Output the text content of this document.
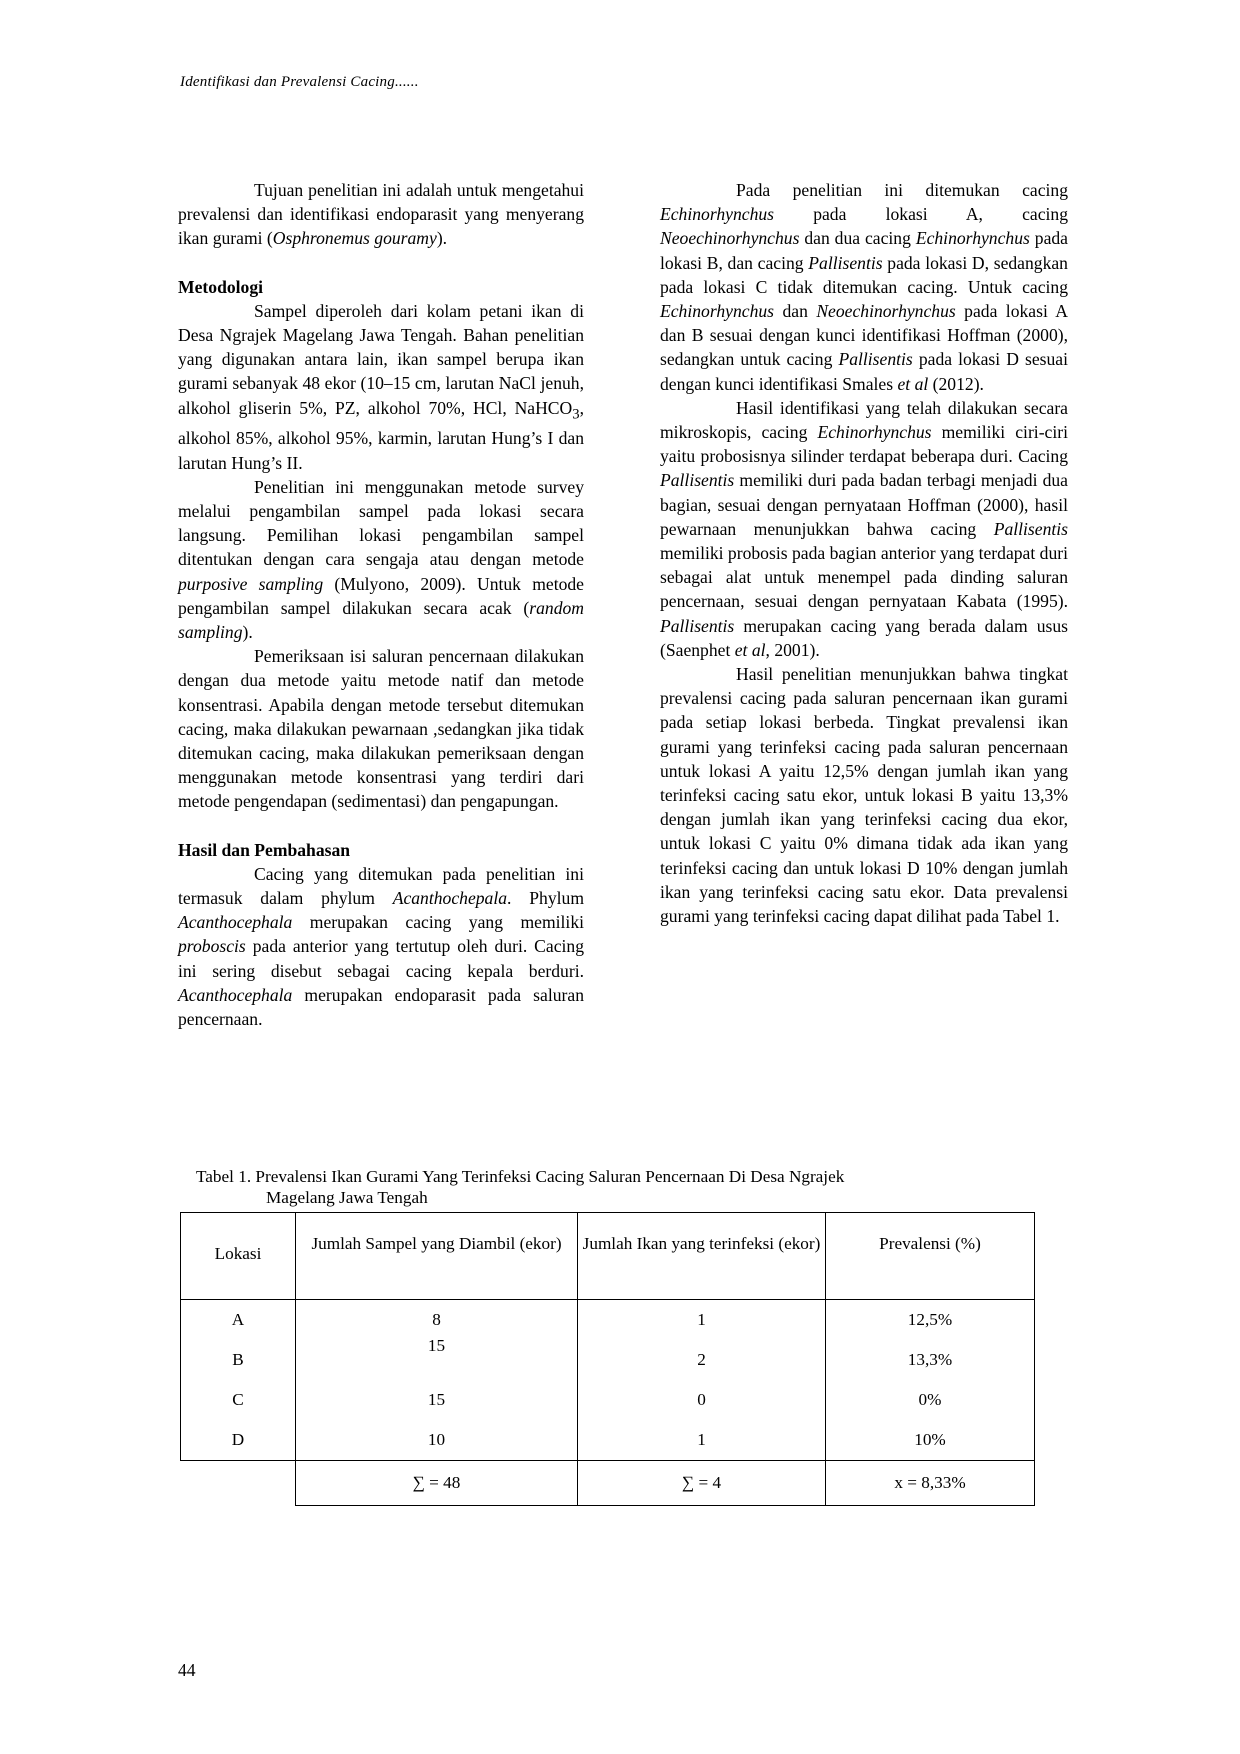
Identifikasi dan Prevalensi Cacing......

Tujuan penelitian ini adalah untuk mengetahui prevalensi dan identifikasi endoparasit yang menyerang ikan gurami (Osphronemus gouramy).

Metodologi

Sampel diperoleh dari kolam petani ikan di Desa Ngrajek Magelang Jawa Tengah. Bahan penelitian yang digunakan antara lain, ikan sampel berupa ikan gurami sebanyak 48 ekor (10–15 cm, larutan NaCl jenuh, alkohol gliserin 5%, PZ, alkohol 70%, HCl, NaHCO$_3$, alkohol 85%, alkohol 95%, karmin, larutan Hung’s I dan larutan Hung’s II.

Penelitian ini menggunakan metode survey melalui pengambilan sampel pada lokasi secara langsung. Pemilihan lokasi pengambilan sampel ditentukan dengan cara sengaja atau dengan metode purposive sampling (Mulyono, 2009). Untuk metode pengambilan sampel dilakukan secara acak (random sampling).

Pemeriksaan isi saluran pencernaan dilakukan dengan dua metode yaitu metode natif dan metode konsentrasi. Apabila dengan metode tersebut ditemukan cacing, maka dilakukan pewarnaan ,sedangkan jika tidak ditemukan cacing, maka dilakukan pemeriksaan dengan menggunakan metode konsentrasi yang terdiri dari metode pengendapan (sedimentasi) dan pengapungan.

Hasil dan Pembahasan

Cacing yang ditemukan pada penelitian ini termasuk dalam phylum Acanthochepala. Phylum Acanthocephala merupakan cacing yang memiliki proboscis pada anterior yang tertutup oleh duri. Cacing ini sering disebut sebagai cacing kepala berduri. Acanthocephala merupakan endoparasit pada saluran pencernaan.

Pada penelitian ini ditemukan cacing Echinorhynchus pada lokasi A, cacing Neoechinorhynchus dan dua cacing Echinorhynchus pada lokasi B, dan cacing Pallisentis pada lokasi D, sedangkan pada lokasi C tidak ditemukan cacing. Untuk cacing Echinorhynchus dan Neoechinorhynchus pada lokasi A dan B sesuai dengan kunci identifikasi Hoffman (2000), sedangkan untuk cacing Pallisentis pada lokasi D sesuai dengan kunci identifikasi Smales et al (2012).

Hasil identifikasi yang telah dilakukan secara mikroskopis, cacing Echinorhynchus memiliki ciri-ciri yaitu probosisnya silinder terdapat beberapa duri. Cacing Pallisentis memiliki duri pada badan terbagi menjadi dua bagian, sesuai dengan pernyataan Hoffman (2000), hasil pewarnaan menunjukkan bahwa cacing Pallisentis memiliki probosis pada bagian anterior yang terdapat duri sebagai alat untuk menempel pada dinding saluran pencernaan, sesuai dengan pernyataan Kabata (1995). Pallisentis merupakan cacing yang berada dalam usus (Saenphet et al, 2001).

Hasil penelitian menunjukkan bahwa tingkat prevalensi cacing pada saluran pencernaan ikan gurami pada setiap lokasi berbeda. Tingkat prevalensi ikan gurami yang terinfeksi cacing pada saluran pencernaan untuk lokasi A yaitu 12,5% dengan jumlah ikan yang terinfeksi cacing satu ekor, untuk lokasi B yaitu 13,3% dengan jumlah ikan yang terinfeksi cacing dua ekor, untuk lokasi C yaitu 0% dimana tidak ada ikan yang terinfeksi cacing dan untuk lokasi D 10% dengan jumlah ikan yang terinfeksi cacing satu ekor. Data prevalensi gurami yang terinfeksi cacing dapat dilihat pada Tabel 1.

Tabel 1. Prevalensi Ikan Gurami Yang Terinfeksi Cacing Saluran Pencernaan Di Desa Ngrajek
Magelang Jawa Tengah
Lokasi	Jumlah Sampel yang Diambil (ekor)	Jumlah Ikan yang terinfeksi (ekor)	Prevalensi (%)

A	8	1	12,5%
B	15	2	13,3%
C	15	0	0%
D	10	1	10%
	∑ = 48	∑ = 4	x = 8,33%
44
